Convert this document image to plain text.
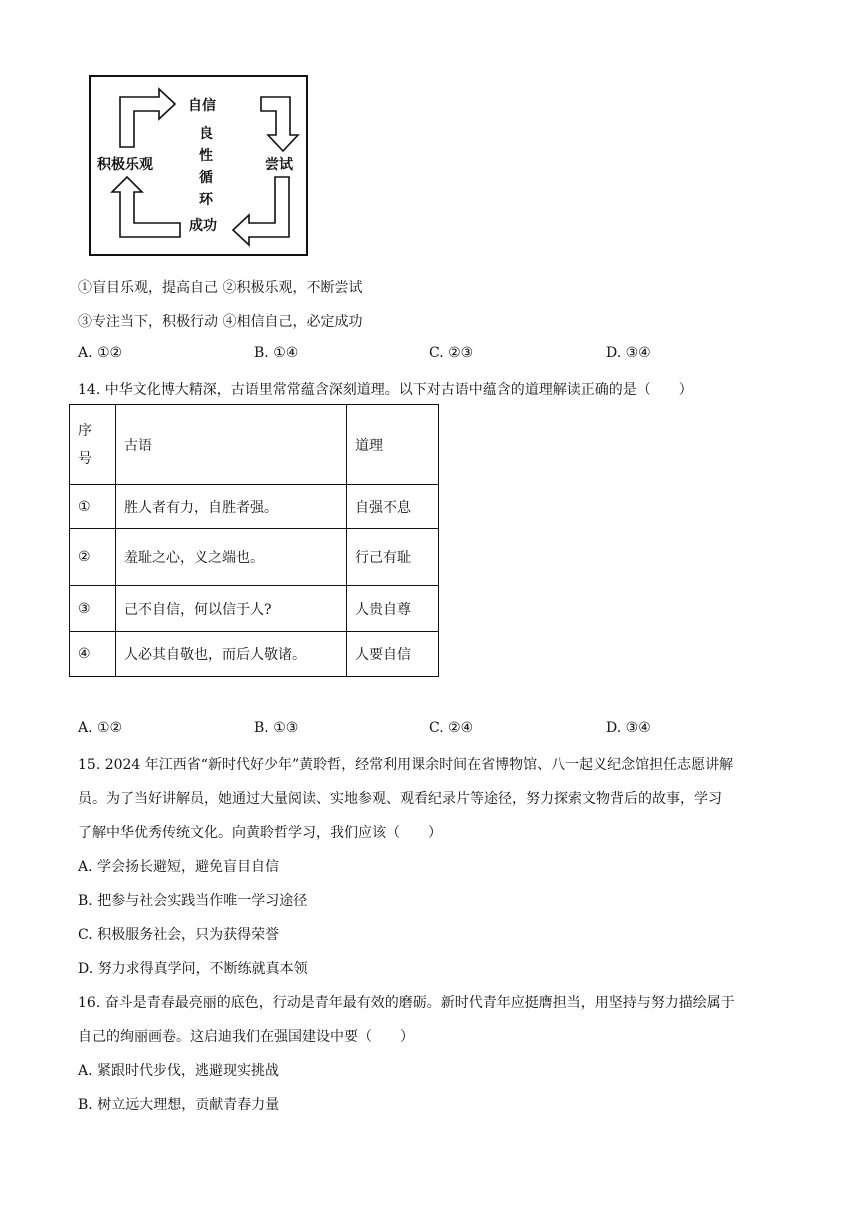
自信
尝试
成功
积极乐观
良
性
循
环
①盲目乐观，提高自己 ②积极乐观，不断尝试
③专注当下，积极行动 ④相信自己，必定成功
A. ①②	B. ①④	C. ②③	D. ③④
14. 中华文化博大精深，古语里常常蕴含深刻道理。以下对古语中蕴含的道理解读正确的是（　　）
序
号	古语	道理
①	胜人者有力，自胜者强。	自强不息
②	羞耻之心，义之端也。	行己有耻
③	己不自信，何以信于人?	人贵自尊
④	人必其自敬也，而后人敬诸。	人要自信
A. ①②	B. ①③	C. ②④	D. ③④
15. 2024 年江西省“新时代好少年”黄聆哲，经常利用课余时间在省博物馆、八一起义纪念馆担任志愿讲解
员。为了当好讲解员，她通过大量阅读、实地参观、观看纪录片等途径，努力探索文物背后的故事，学习
了解中华优秀传统文化。向黄聆哲学习，我们应该（　　）
A. 学会扬长避短，避免盲目自信
B. 把参与社会实践当作唯一学习途径
C. 积极服务社会，只为获得荣誉
D. 努力求得真学问，不断练就真本领
16. 奋斗是青春最亮丽的底色，行动是青年最有效的磨砺。新时代青年应挺膺担当，用坚持与努力描绘属于
自己的绚丽画卷。这启迪我们在强国建设中要（　　）
A. 紧跟时代步伐，逃避现实挑战
B. 树立远大理想，贡献青春力量
